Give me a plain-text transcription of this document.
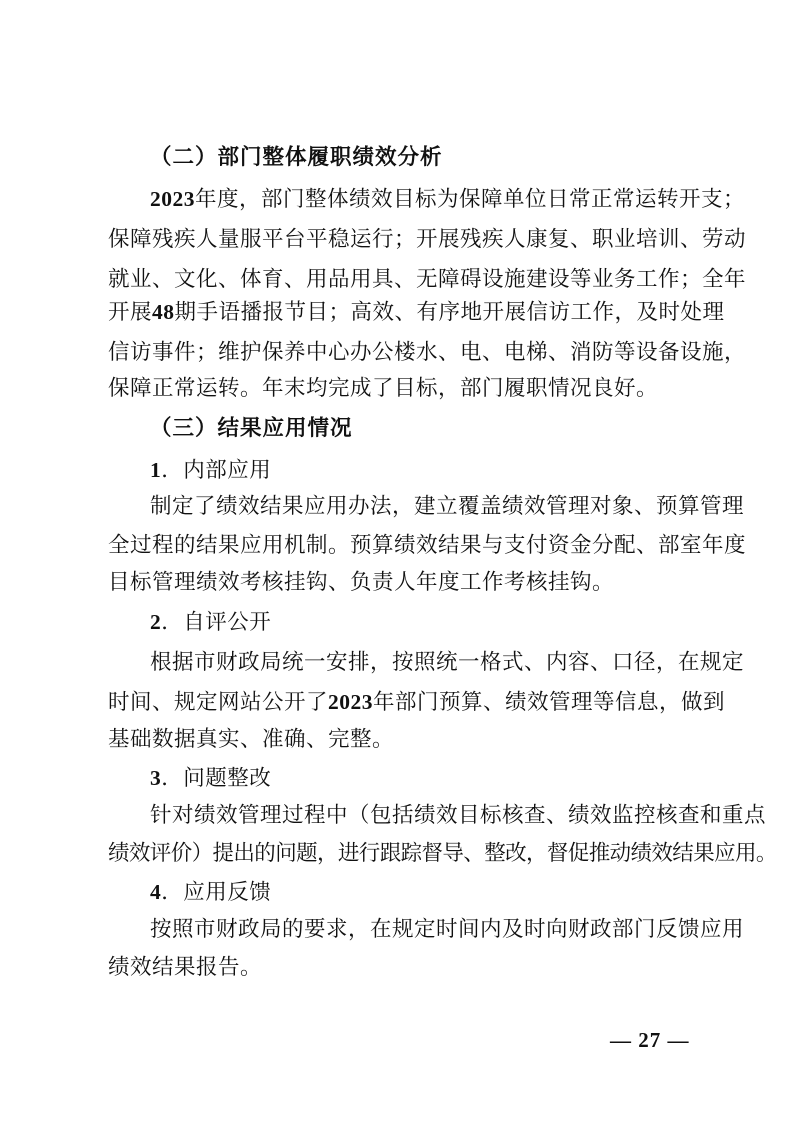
（二）部门整体履职绩效分析
2023年度，部门整体绩效目标为保障单位日常正常运转开支；
保障残疾人量服平台平稳运行；开展残疾人康复、职业培训、劳动
就业、文化、体育、用品用具、无障碍设施建设等业务工作；全年
开展48期手语播报节目；高效、有序地开展信访工作，及时处理
信访事件；维护保养中心办公楼水、电、电梯、消防等设备设施，
保障正常运转。年末均完成了目标，部门履职情况良好。
（三）结果应用情况
1．内部应用
制定了绩效结果应用办法，建立覆盖绩效管理对象、预算管理
全过程的结果应用机制。预算绩效结果与支付资金分配、部室年度
目标管理绩效考核挂钩、负责人年度工作考核挂钩。
2．自评公开
根据市财政局统一安排，按照统一格式、内容、口径，在规定
时间、规定网站公开了2023年部门预算、绩效管理等信息，做到
基础数据真实、准确、完整。
3．问题整改
针对绩效管理过程中（包括绩效目标核查、绩效监控核查和重点
绩效评价）提出的问题，进行跟踪督导、整改，督促推动绩效结果应用。
4．应用反馈
按照市财政局的要求，在规定时间内及时向财政部门反馈应用
绩效结果报告。
— 27 —
